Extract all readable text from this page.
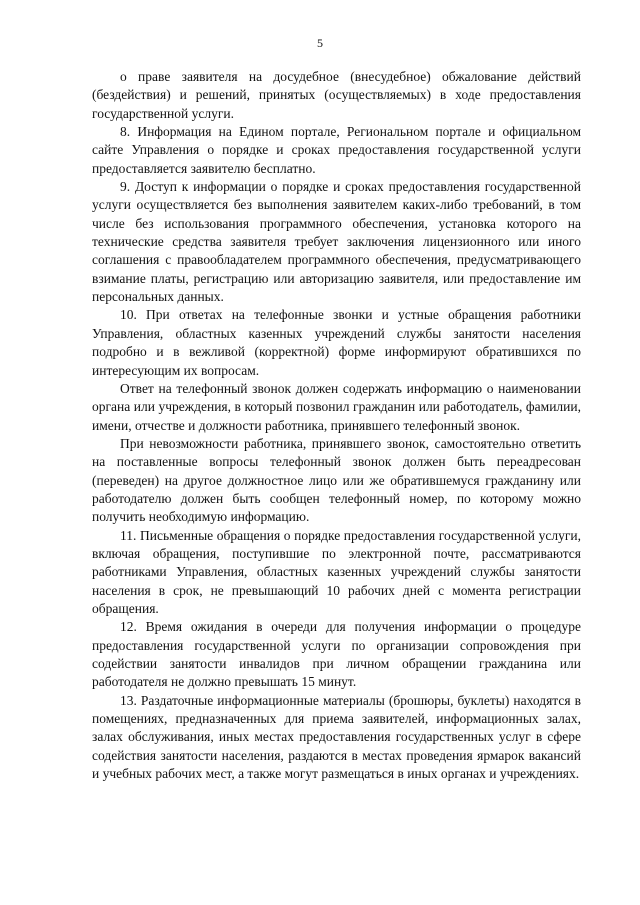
5

о праве заявителя на досудебное (внесудебное) обжалование действий (бездействия) и решений, принятых (осуществляемых) в ходе предоставления государственной услуги.

8. Информация на Едином портале, Региональном портале и официальном сайте Управления о порядке и сроках предоставления государственной услуги предоставляется заявителю бесплатно.

9. Доступ к информации о порядке и сроках предоставления государственной услуги осуществляется без выполнения заявителем каких-либо требований, в том числе без использования программного обеспечения, установка которого на технические средства заявителя требует заключения лицензионного или иного соглашения с правообладателем программного обеспечения, предусматривающего взимание платы, регистрацию или авторизацию заявителя, или предоставление им персональных данных.

10. При ответах на телефонные звонки и устные обращения работники Управления, областных казенных учреждений службы занятости населения подробно и в вежливой (корректной) форме информируют обратившихся по интересующим их вопросам.

Ответ на телефонный звонок должен содержать информацию о наименовании органа или учреждения, в который позвонил гражданин или работодатель, фамилии, имени, отчестве и должности работника, принявшего телефонный звонок.

При невозможности работника, принявшего звонок, самостоятельно ответить на поставленные вопросы телефонный звонок должен быть переадресован (переведен) на другое должностное лицо или же обратившемуся гражданину или работодателю должен быть сообщен телефонный номер, по которому можно получить необходимую информацию.

11. Письменные обращения о порядке предоставления государственной услуги, включая обращения, поступившие по электронной почте, рассматриваются работниками Управления, областных казенных учреждений службы занятости населения в срок, не превышающий 10 рабочих дней с момента регистрации обращения.

12. Время ожидания в очереди для получения информации о процедуре предоставления государственной услуги по организации сопровождения при содействии занятости инвалидов при личном обращении гражданина или работодателя не должно превышать 15 минут.

13. Раздаточные информационные материалы (брошюры, буклеты) находятся в помещениях, предназначенных для приема заявителей, информационных залах, залах обслуживания, иных местах предоставления государственных услуг в сфере содействия занятости населения, раздаются в местах проведения ярмарок вакансий и учебных рабочих мест, а также могут размещаться в иных органах и учреждениях.
